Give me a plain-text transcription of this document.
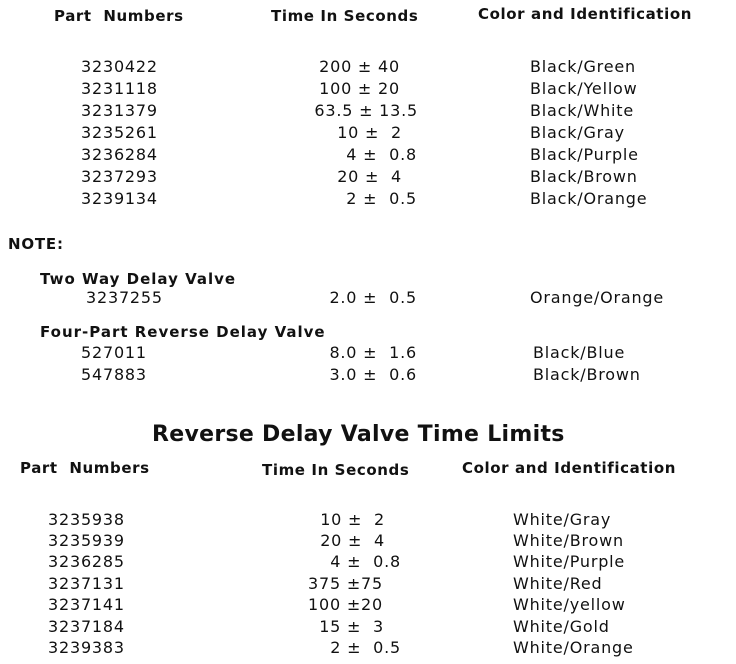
Part  Numbers	Time In Seconds	Color and Identification
3230422	200 ± 40	Black/Green
3231118	100 ± 20	Black/Yellow
3231379	63.5 ± 13.5	Black/White
3235261	10 ±  2	Black/Gray
3236284	4 ±  0.8	Black/Purple
3237293	20 ±  4	Black/Brown
3239134	2 ±  0.5	Black/Orange
NOTE:
Two Way Delay Valve
3237255	2.0 ±  0.5	Orange/Orange
Four-Part Reverse Delay Valve
527011	8.0 ±  1.6	Black/Blue
547883	3.0 ±  0.6	Black/Brown
Reverse Delay Valve Time Limits
Part  Numbers	Time In Seconds	Color and Identification
3235938	10 ±  2	White/Gray
3235939	20 ±  4	White/Brown
3236285	4 ±  0.8	White/Purple
3237131	375 ±75	White/Red
3237141	100 ±20	White/yellow
3237184	15 ±  3	White/Gold
3239383	2 ±  0.5	White/Orange
